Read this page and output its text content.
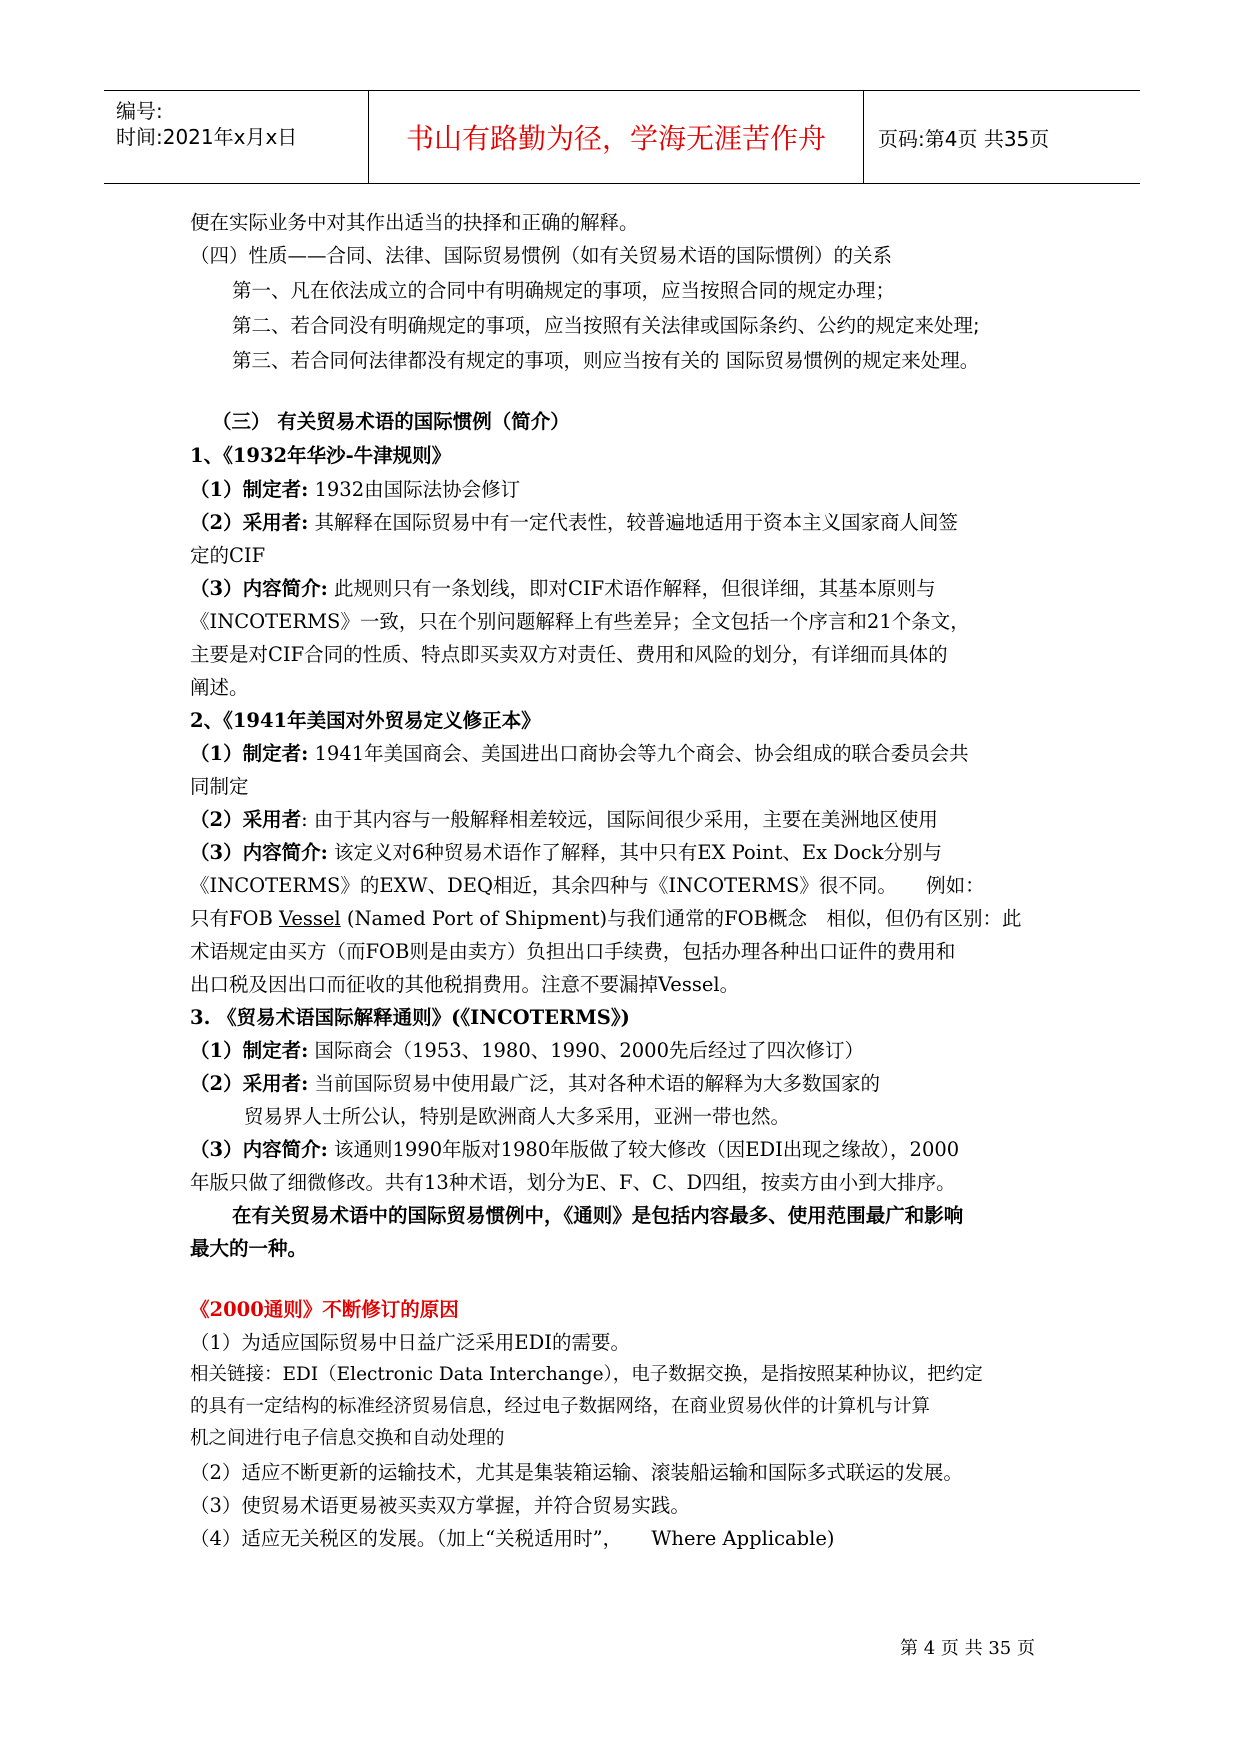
编号:
时间:2021年x月x日	书山有路勤为径，学海无涯苦作舟	页码:第4页 共35页
便在实际业务中对其作出适当的抉择和正确的解释。
（四）性质——合同、法律、国际贸易惯例（如有关贸易术语的国际惯例）的关系
第一、凡在依法成立的合同中有明确规定的事项，应当按照合同的规定办理；
第二、若合同没有明确规定的事项，应当按照有关法律或国际条约、公约的规定来处理;
第三、若合同何法律都没有规定的事项，则应当按有关的 国际贸易惯例的规定来处理。
（三） 有关贸易术语的国际惯例（简介）
1、《1932年华沙-牛津规则》
（1）制定者: 1932由国际法协会修订
（2）采用者: 其解释在国际贸易中有一定代表性，较普遍地适用于资本主义国家商人间签
定的CIF
（3）内容简介: 此规则只有一条划线，即对CIF术语作解释，但很详细，其基本原则与
《INCOTERMS》一致，只在个别问题解释上有些差异；全文包括一个序言和21个条文，
主要是对CIF合同的性质、特点即买卖双方对责任、费用和风险的划分，有详细而具体的
阐述。
2、《1941年美国对外贸易定义修正本》
（1）制定者: 1941年美国商会、美国进出口商协会等九个商会、协会组成的联合委员会共
同制定
（2）采用者: 由于其内容与一般解释相差较远，国际间很少采用，主要在美洲地区使用
（3）内容简介: 该定义对6种贸易术语作了解释，其中只有EX Point、Ex Dock分别与
《INCOTERMS》的EXW、DEQ相近，其余四种与《INCOTERMS》很不同。　　例如：
只有FOB Vessel (Named Port of Shipment)与我们通常的FOB概念　相似，但仍有区别：此
术语规定由买方（而FOB则是由卖方）负担出口手续费，包括办理各种出口证件的费用和
出口税及因出口而征收的其他税捐费用。注意不要漏掉Vessel。
3. 《贸易术语国际解释通则》(《INCOTERMS》)
（1）制定者: 国际商会（1953、1980、1990、2000先后经过了四次修订）
（2）采用者: 当前国际贸易中使用最广泛，其对各种术语的解释为大多数国家的
贸易界人士所公认，特别是欧洲商人大多采用，亚洲一带也然。
（3）内容简介: 该通则1990年版对1980年版做了较大修改（因EDI出现之缘故），2000
年版只做了细微修改。共有13种术语，划分为E、F、C、D四组，按卖方由小到大排序。
在有关贸易术语中的国际贸易惯例中，《通则》是包括内容最多、使用范围最广和影响
最大的一种。
《2000通则》不断修订的原因
（1）为适应国际贸易中日益广泛采用EDI的需要。
相关链接：EDI（Electronic Data Interchange），电子数据交换，是指按照某种协议，把约定
的具有一定结构的标准经济贸易信息，经过电子数据网络，在商业贸易伙伴的计算机与计算
机之间进行电子信息交换和自动处理的
（2）适应不断更新的运输技术，尤其是集装箱运输、滚装船运输和国际多式联运的发展。
（3）使贸易术语更易被买卖双方掌握，并符合贸易实践。
（4）适应无关税区的发展。（加上“关税适用时”，　　Where Applicable)
第 4 页 共 35 页
